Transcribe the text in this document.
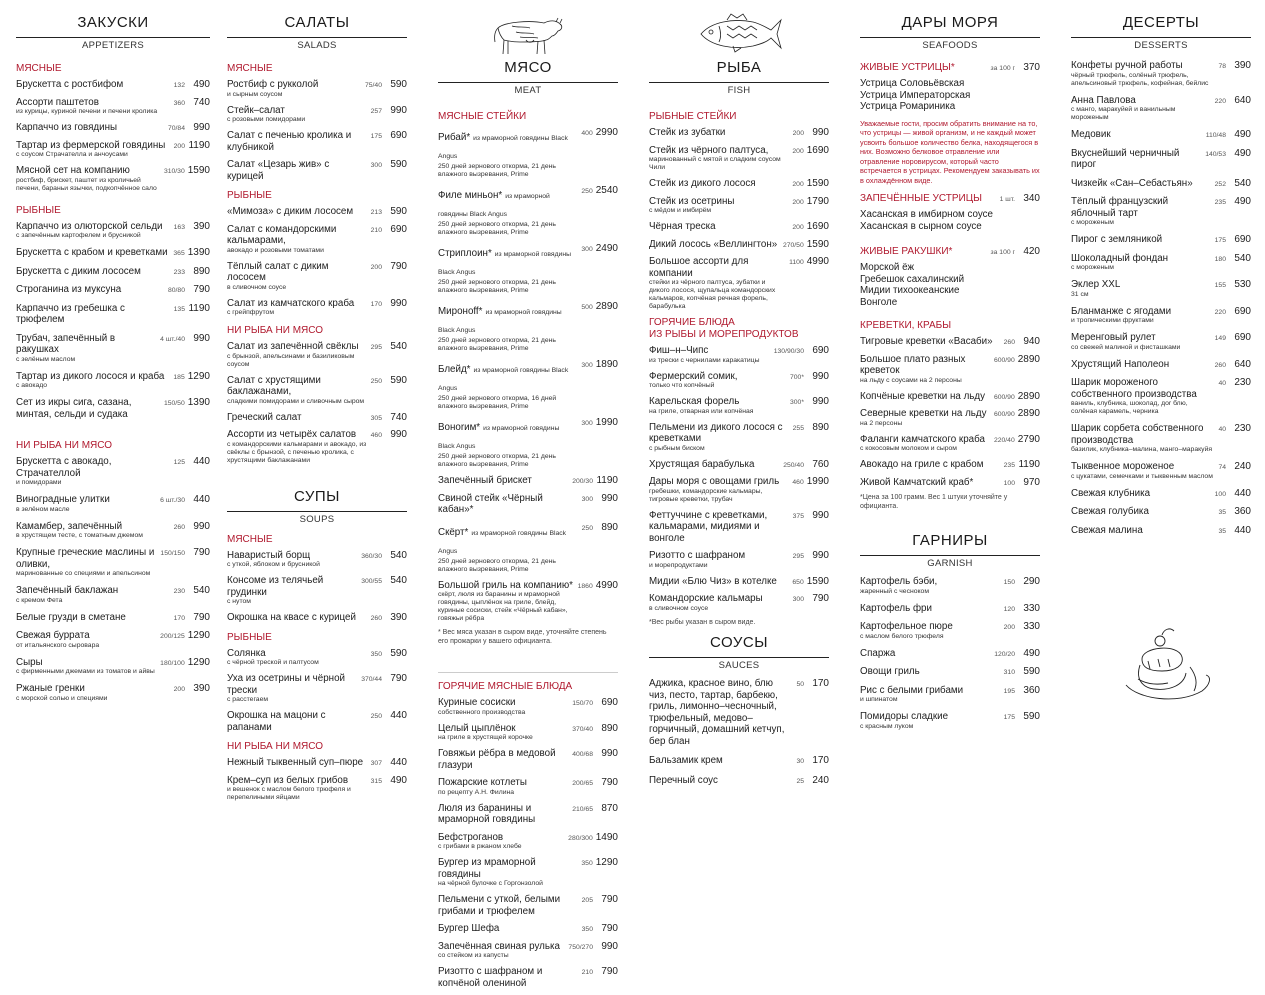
ЗАКУСКИ
APPETIZERS
МЯСНЫЕ
Брускетта с ростбифом	132 490
Ассорти паштетов
из курицы, куриной печени и печени кролика
360 740
Карпаччо из говядины	70/84 990
Тартар из фермерской говядины
с соусом Страчателла и анчоусами
200 1190
Мясной сет на компанию
ростбиф, брискет, паштет из кроличьей печени, бараньи язычки, подкопчённое сало
310/30 1590
РЫБНЫЕ
Карпаччо из олюторской сельди
с запечённым картофелем и брусникой
163 390
Брускетта с крабом и креветками 365 1390
Брускетта с диким лососем	233 890
Строганина из муксуна	80/80 790
Карпаччо из гребешка с трюфелем
135 1190
Трубач, запечённый в ракушках
с зелёным маслом
4 шт./40 990
Тартар из дикого лосося и краба
с авокадо
185 1290
Сет из икры сига, сазана, минтая, сельди и судака
150/50 1390
НИ РЫБА НИ МЯСО
Брускетта с авокадо, Страчателлой
и помидорами
125 440
Виноградные улитки
в зелёном масле
6 шт./30 440
Камамбер, запечённый
в хрустящем тесте, с томатным джемом
260 990
Крупные греческие маслины и оливки,
маринованные со специями и апельсином
150/150 790
Запечённый баклажан
с кремом Фета
230 540
Белые грузди в сметане	170 790
Свежая буррата
от итальянского сыровара
200/125 1290
Сыры
с фирменными джемами из томатов и айвы
180/100 1290
Ржаные гренки
с морской солью и специями
200 390
САЛАТЫ
SALADS
МЯСНЫЕ
Ростбиф с рукколой
и сырным соусом
75/40 590
Стейк–салат
с розовыми помидорами
257 990
Салат с печенью кролика и клубникой
175 690
Салат «Цезарь жив» с курицей
300 590
РЫБНЫЕ
«Мимоза» с диким лососем	213 590
Салат с командорскими кальмарами,
авокадо и розовыми томатами
210 690
Тёплый салат с диким лососем
в сливочном соусе
200 790
Салат из камчатского краба
с грейпфрутом
170 990
НИ РЫБА НИ МЯСО
Салат из запечённой свёклы
с брынзой, апельсинами и базиликовым соусом
295 540
Салат с хрустящими баклажанами,
сладкими помидорами и сливочным сыром
250 590
Греческий салат	305 740
Ассорти из четырёх салатов
с командорскими кальмарами и авокадо, из свёклы с брынзой, с печенью кролика, с хрустящими баклажанами
460 990
СУПЫ
SOUPS
МЯСНЫЕ
Наваристый борщ
с уткой, яблоком и брусникой
360/30 540
Консоме из телячьей грудинки
с нутом
300/55 540
Окрошка на квасе с курицей	260 390
РЫБНЫЕ
Солянка
с чёрной треской и палтусом
350 590
Уха из осетрины и чёрной трески
с расстегаем
370/44 790
Окрошка на мацони с рапанами
250 440
НИ РЫБА НИ МЯСО
Нежный тыквенный суп–пюре	307 440
Крем–суп из белых грибов
и вешенок с маслом белого трюфеля и перепелиными яйцами
315 490
МЯСО
MEAT
МЯСНЫЕ СТЕЙКИ
Рибай* из мраморной говядины Black Angus
250 дней зернового откорма, 21 день влажного вызревания, Prime
400 2990
Филе миньон* из мраморной говядины Black Angus
250 дней зернового откорма, 21 день влажного вызревания, Prime
250 2540
Стриплоин* из мраморной говядины Black Angus
250 дней зернового откорма, 21 день влажного вызревания, Prime
300 2490
Мироноff* из мраморной говядины Black Angus
250 дней зернового откорма, 21 день влажного вызревания, Prime
500 2890
Блейд* из мраморной говядины Black Angus
250 дней зернового откорма, 16 дней влажного вызревания, Prime
300 1890
Воноrим* из мраморной говядины Black Angus
250 дней зернового откорма, 21 день влажного вызревания, Prime
300 1990
Запечённый брискет	200/30 1190
Свиной стейк «Чёрный кабан»*
300 990
Скёрт* из мраморной говядины Black Angus
250 дней зернового откорма, 21 день влажного вызревания, Prime
250 890
Большой гриль на компанию*
скёрт, люля из баранины и мраморной говядины, цыплёнок на гриле, блейд, куриные сосиски, стейк «Чёрный кабан», говяжьи рёбра
1860 4990
* Вес мяса указан в сыром виде, уточняйте степень его прожарки у вашего официанта.
ГОРЯЧИЕ МЯСНЫЕ БЛЮДА
Куриные сосиски
собственного производства
150/70 690
Целый цыплёнок
на гриле в хрустящей корочке
370/40 890
Говяжьи рёбра в медовой глазури
400/68 990
Пожарские котлеты
по рецепту А.Н. Филина
200/65 790
Люля из баранины и мраморной говядины
210/65 870
Бефстроганов
с грибами в ржаном хлебе
280/300 1490
Бургер из мраморной говядины
на чёрной булочке с Горгонзолой
350 1290
Пельмени с уткой, белыми грибами и трюфелем
205 790
Бургер Шефа	350 790
Запечённая свиная рулька
со стейком из капусты
750/270 990
Ризотто с шафраном и копчёной олениной
210 790
РЫБА
FISH
РЫБНЫЕ СТЕЙКИ
Стейк из зубатки	200 990
Стейк из чёрного палтуса,
маринованный с мятой и сладким соусом Чили
200 1690
Стейк из дикого лосося	200 1590
Стейк из осетрины
с мёдом и имбирём
200 1790
Чёрная треска	200 1690
Дикий лосось «Веллингтон» 270/50 1590
Большое ассорти для компании
стейки из чёрного палтуса, зубатки и дикого лосося, щупальца командорских кальмаров, копчёная речная форель, барабулька
1100 4990
ГОРЯЧИЕ БЛЮДА
ИЗ РЫБЫ И МОРЕПРОДУКТОВ
Фиш–н–Чипс
из трески с чернилами каракатицы
130/90/30 690
Фермерский сомик,
только что копчёный
700* 990
Карельская форель
на гриле, отварная или копчёная
300* 990
Пельмени из дикого лосося с креветками
с рыбным биском
255 890
Хрустящая барабулька	250/40 760
Дары моря с овощами гриль
гребешки, командорские кальмары, тигровые креветки, трубач
460 1990
Феттуччине с креветками, кальмарами, мидиями и вонголе
375 990
Ризотто с шафраном
и морепродуктами
295 990
Мидии «Блю Чиз» в котелке	650 1590
Командорские кальмары
в сливочном соусе
300 790
*Вес рыбы указан в сыром виде.
СОУСЫ
SAUCES
Аджика, красное вино, блю чиз, песто, тартар, барбекю, гриль, лимонно–чесночный, трюфельный, медово–горчичный, домашний кетчуп, бер блан
50 170
Бальзамик крем	30 170
Перечный соус	25 240
ДАРЫ МОРЯ
SEAFOODS
ЖИВЫЕ УСТРИЦЫ*	за 100 г 370
Устрица Соловьёвская
Устрица Императорская
Устрица Ромариника
Уважаемые гости, просим обратить внимание на то, что устрицы — живой организм, и не каждый может усвоить большое количество белка, находящегося в них. Возможно белковое отравление или отравление норовирусом, который часто встречается в устрицах. Рекомендуем заказывать их в охлаждённом виде.
ЗАПЕЧЁННЫЕ УСТРИЦЫ	1 шт. 340
Хасанская в имбирном соусе
Хасанская в сырном соусе
ЖИВЫЕ РАКУШКИ*	за 100 г 420
Морской ёж
Гребешок сахалинский
Мидии тихоокеанские
Вонголе
КРЕВЕТКИ, КРАБЫ
Тигровые креветки «Васаби»	260 940
Большое плато разных креветок
на льду с соусами на 2 персоны
600/90 2890
Копчёные креветки на льду	600/90 2890
Северные креветки на льду
на 2 персоны
600/90 2890
Фаланги камчатского краба
с кокосовым молоком и сыром
220/40 2790
Авокадо на гриле с крабом	235 1190
Живой Камчатский краб*	100 970
*Цена за 100 грамм. Вес 1 штуки уточняйте у официанта.
ГАРНИРЫ
GARNISH
Картофель бэби,
жаренный с чесноком
150 290
Картофель фри	120 330
Картофельное пюре
с маслом белого трюфеля
200 330
Спаржа	120/20 490
Овощи гриль	310 590
Рис с белыми грибами
и шпинатом
195 360
Помидоры сладкие
с красным луком
175 590
ДЕСЕРТЫ
DESSERTS
Конфеты ручной работы
чёрный трюфель, солёный трюфель, апельсиновый трюфель, кофейная, бейлис
78 390
Анна Павлова
с манго, маракуйей и ванильным мороженым
220 640
Медовик	110/48 490
Вкуснейший черничный пирог
140/53 490
Чизкейк «Сан–Себастьян»	252 540
Тёплый французский яблочный тарт
с мороженым
235 490
Пирог с земляникой	175 690
Шоколадный фондан
с мороженым
180 540
Эклер XXL
31 см
155 530
Бланманже с ягодами
и тропическими фруктами
220 690
Меренговый рулет
со свежей малиной и фисташками
149 690
Хрустящий Наполеон	260 640
Шарик мороженого собственного производства
ваниль, клубника, шоколад, доr блю, солёная карамель, черника
40 230
Шарик сорбета собственного производства
базилик, клубника–малина, манго–маракуйя
40 230
Тыквенное мороженое
с цукатами, семечками и тыквенным маслом
74 240
Свежая клубника	100 440
Свежая голубика	35 360
Свежая малина	35 440
